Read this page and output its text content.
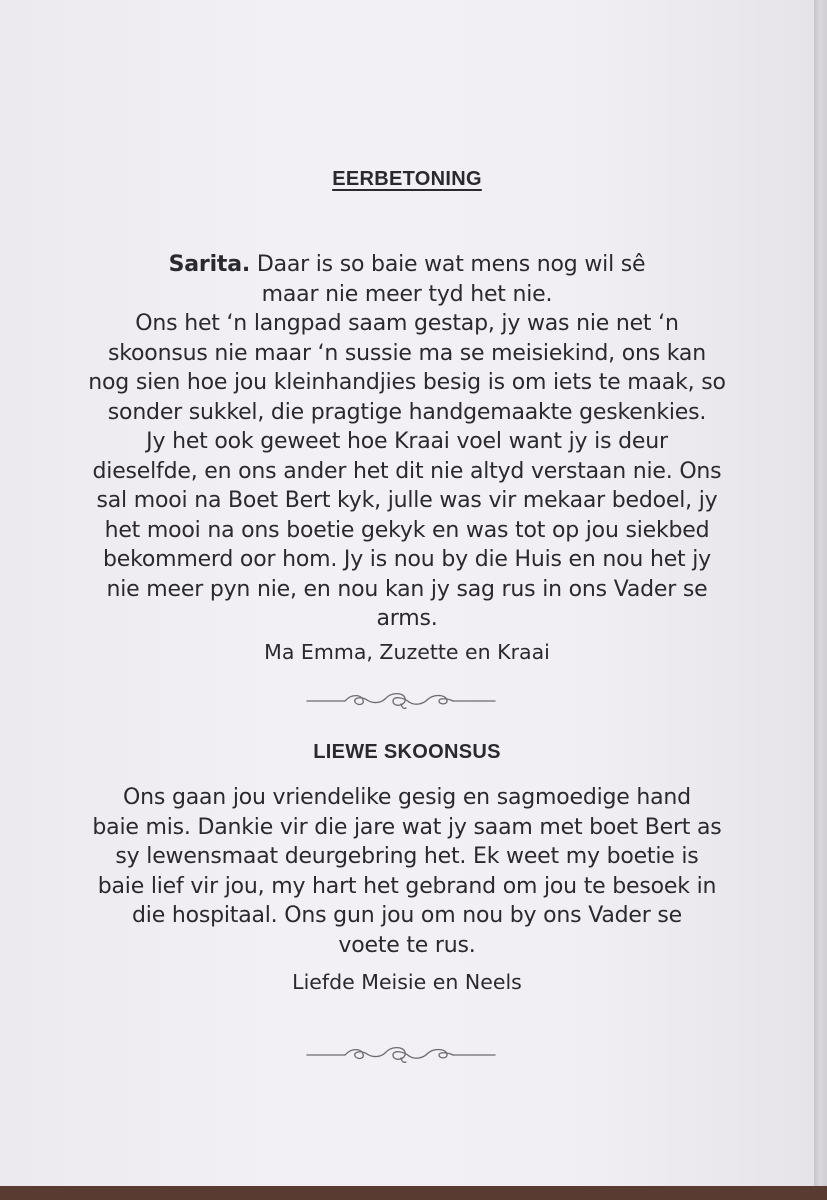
EERBETONING
Sarita. Daar is so baie wat mens nog wil sê
maar nie meer tyd het nie.
Ons het ‘n langpad saam gestap, jy was nie net ‘n
skoonsus nie maar ‘n sussie ma se meisiekind, ons kan
nog sien hoe jou kleinhandjies besig is om iets te maak, so
sonder sukkel, die pragtige handgemaakte geskenkies.
Jy het ook geweet hoe Kraai voel want jy is deur
dieselfde, en ons ander het dit nie altyd verstaan nie. Ons
sal mooi na Boet Bert kyk, julle was vir mekaar bedoel, jy
het mooi na ons boetie gekyk en was tot op jou siekbed
bekommerd oor hom. Jy is nou by die Huis en nou het jy
nie meer pyn nie, en nou kan jy sag rus in ons Vader se
arms.
Ma Emma, Zuzette en Kraai
LIEWE SKOONSUS
Ons gaan jou vriendelike gesig en sagmoedige hand
baie mis. Dankie vir die jare wat jy saam met boet Bert as
sy lewensmaat deurgebring het. Ek weet my boetie is
baie lief vir jou, my hart het gebrand om jou te besoek in
die hospitaal. Ons gun jou om nou by ons Vader se
voete te rus.
Liefde Meisie en Neels
